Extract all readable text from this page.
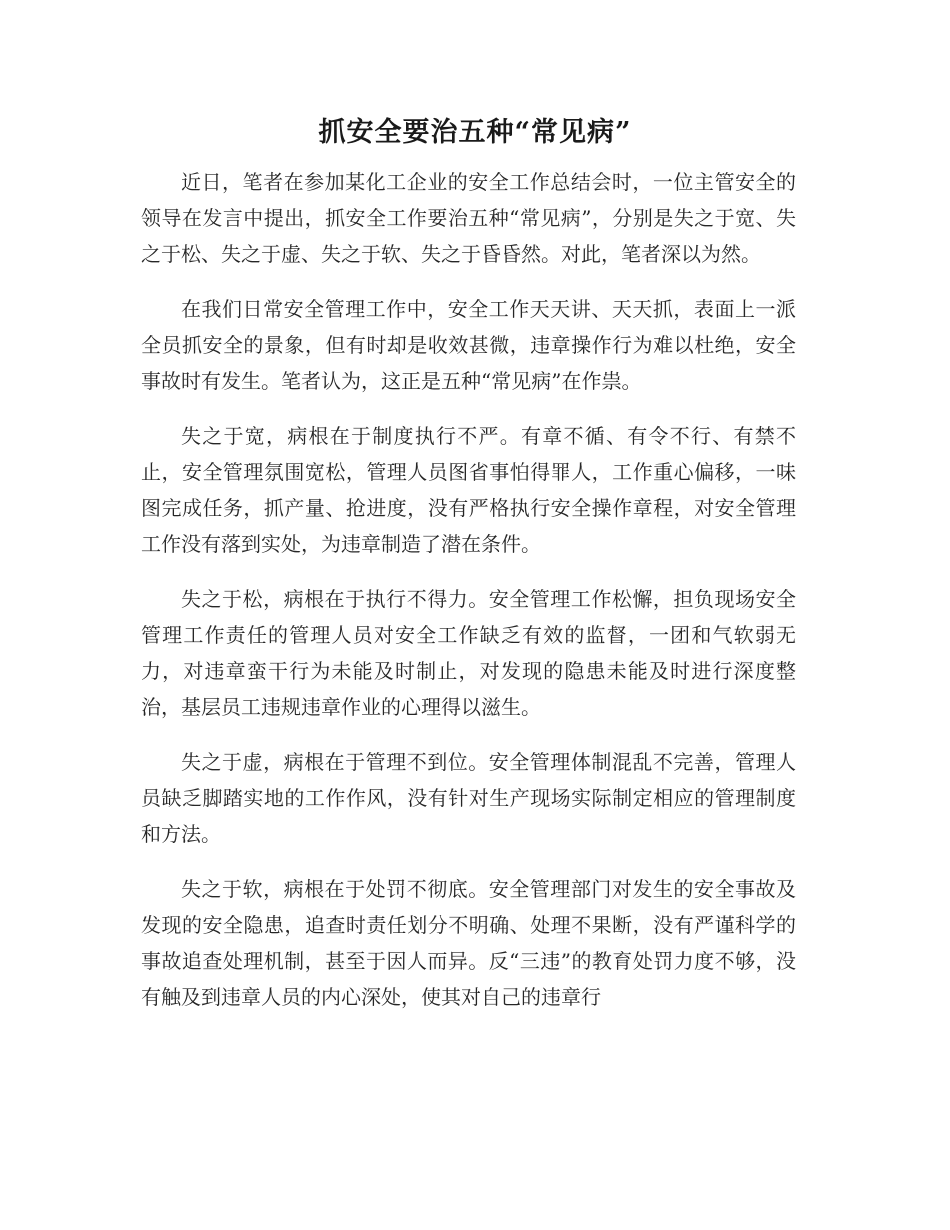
抓安全要治五种“常见病”

近日，笔者在参加某化工企业的安全工作总结会时，一位主管安全的领导在发言中提出，抓安全工作要治五种“常见病”，分别是失之于宽、失之于松、失之于虚、失之于软、失之于昏昏然。对此，笔者深以为然。

在我们日常安全管理工作中，安全工作天天讲、天天抓，表面上一派全员抓安全的景象，但有时却是收效甚微，违章操作行为难以杜绝，安全事故时有发生。笔者认为，这正是五种“常见病”在作祟。

失之于宽，病根在于制度执行不严。有章不循、有令不行、有禁不止，安全管理氛围宽松，管理人员图省事怕得罪人，工作重心偏移，一味图完成任务，抓产量、抢进度，没有严格执行安全操作章程，对安全管理工作没有落到实处，为违章制造了潜在条件。

失之于松，病根在于执行不得力。安全管理工作松懈，担负现场安全管理工作责任的管理人员对安全工作缺乏有效的监督，一团和气软弱无力，对违章蛮干行为未能及时制止，对发现的隐患未能及时进行深度整治，基层员工违规违章作业的心理得以滋生。

失之于虚，病根在于管理不到位。安全管理体制混乱不完善，管理人员缺乏脚踏实地的工作作风，没有针对生产现场实际制定相应的管理制度和方法。

失之于软，病根在于处罚不彻底。安全管理部门对发生的安全事故及发现的安全隐患，追查时责任划分不明确、处理不果断，没有严谨科学的事故追查处理机制，甚至于因人而异。反“三违”的教育处罚力度不够，没有触及到违章人员的内心深处，使其对自己的违章行
